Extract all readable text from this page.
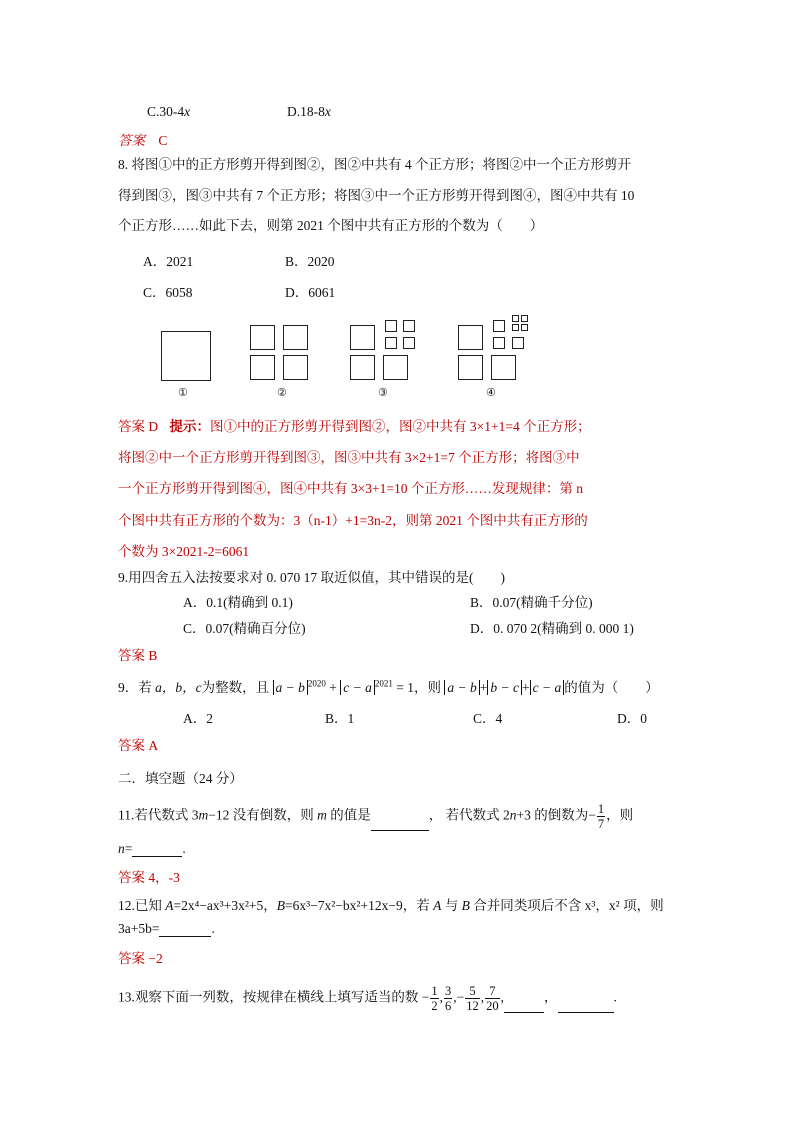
C.30-4x	D.18-8x
答案 C
8. 将图①中的正方形剪开得到图②，图②中共有 4 个正方形；将图②中一个正方形剪开
得到图③，图③中共有 7 个正方形；将图③中一个正方形剪开得到图④，图④中共有 10
个正方形……如此下去，则第 2021 个图中共有正方形的个数为（　　）
A．2021	B．2020
C．6058	D．6061
①	②	③	④
答案 D 提示：图①中的正方形剪开得到图②，图②中共有 3×1+1=4 个正方形；
将图②中一个正方形剪开得到图③，图③中共有 3×2+1=7 个正方形；将图③中
一个正方形剪开得到图④，图④中共有 3×3+1=10 个正方形……发现规律：第 n
个图中共有正方形的个数为：3（n-1）+1=3n-2，则第 2021 个图中共有正方形的
个数为 3×2021-2=6061
9.用四舍五入法按要求对 0. 070 17 取近似值，其中错误的是(　　)
A．0.1(精确到 0.1)	B．0.07(精确千分位)
C．0.07(精确百分位)	D．0. 070 2(精确到 0. 000 1)
答案 B
9．若 a，b，c为整数，且 a − b $^{2020}$ + c − a $^{2021}$ = 1，则 a − b + b − c + c − a 的值为（　　）
A．2	B．1	C．4	D．0
答案 A
二．填空题（24 分）
11.若代数式 3m−12 没有倒数，则 m 的值是	， 若代数式 2n+3 的倒数为− $\frac{1}{7}$ ，则
n=	.
答案 4，-3
12.已知 A=2x⁴−ax³+3x²+5，B=6x³−7x²−bx²+12x−9，若 A 与 B 合并同类项后不含 x³，x² 项，则
3a+5b=	.
答案 −2
13.观察下面一列数，按规律在横线上填写适当的数 − $\frac{1}{2}$ , $\frac{3}{6}$ ,− $\frac{5}{12}$ , $\frac{7}{20}$ ,	，	.
